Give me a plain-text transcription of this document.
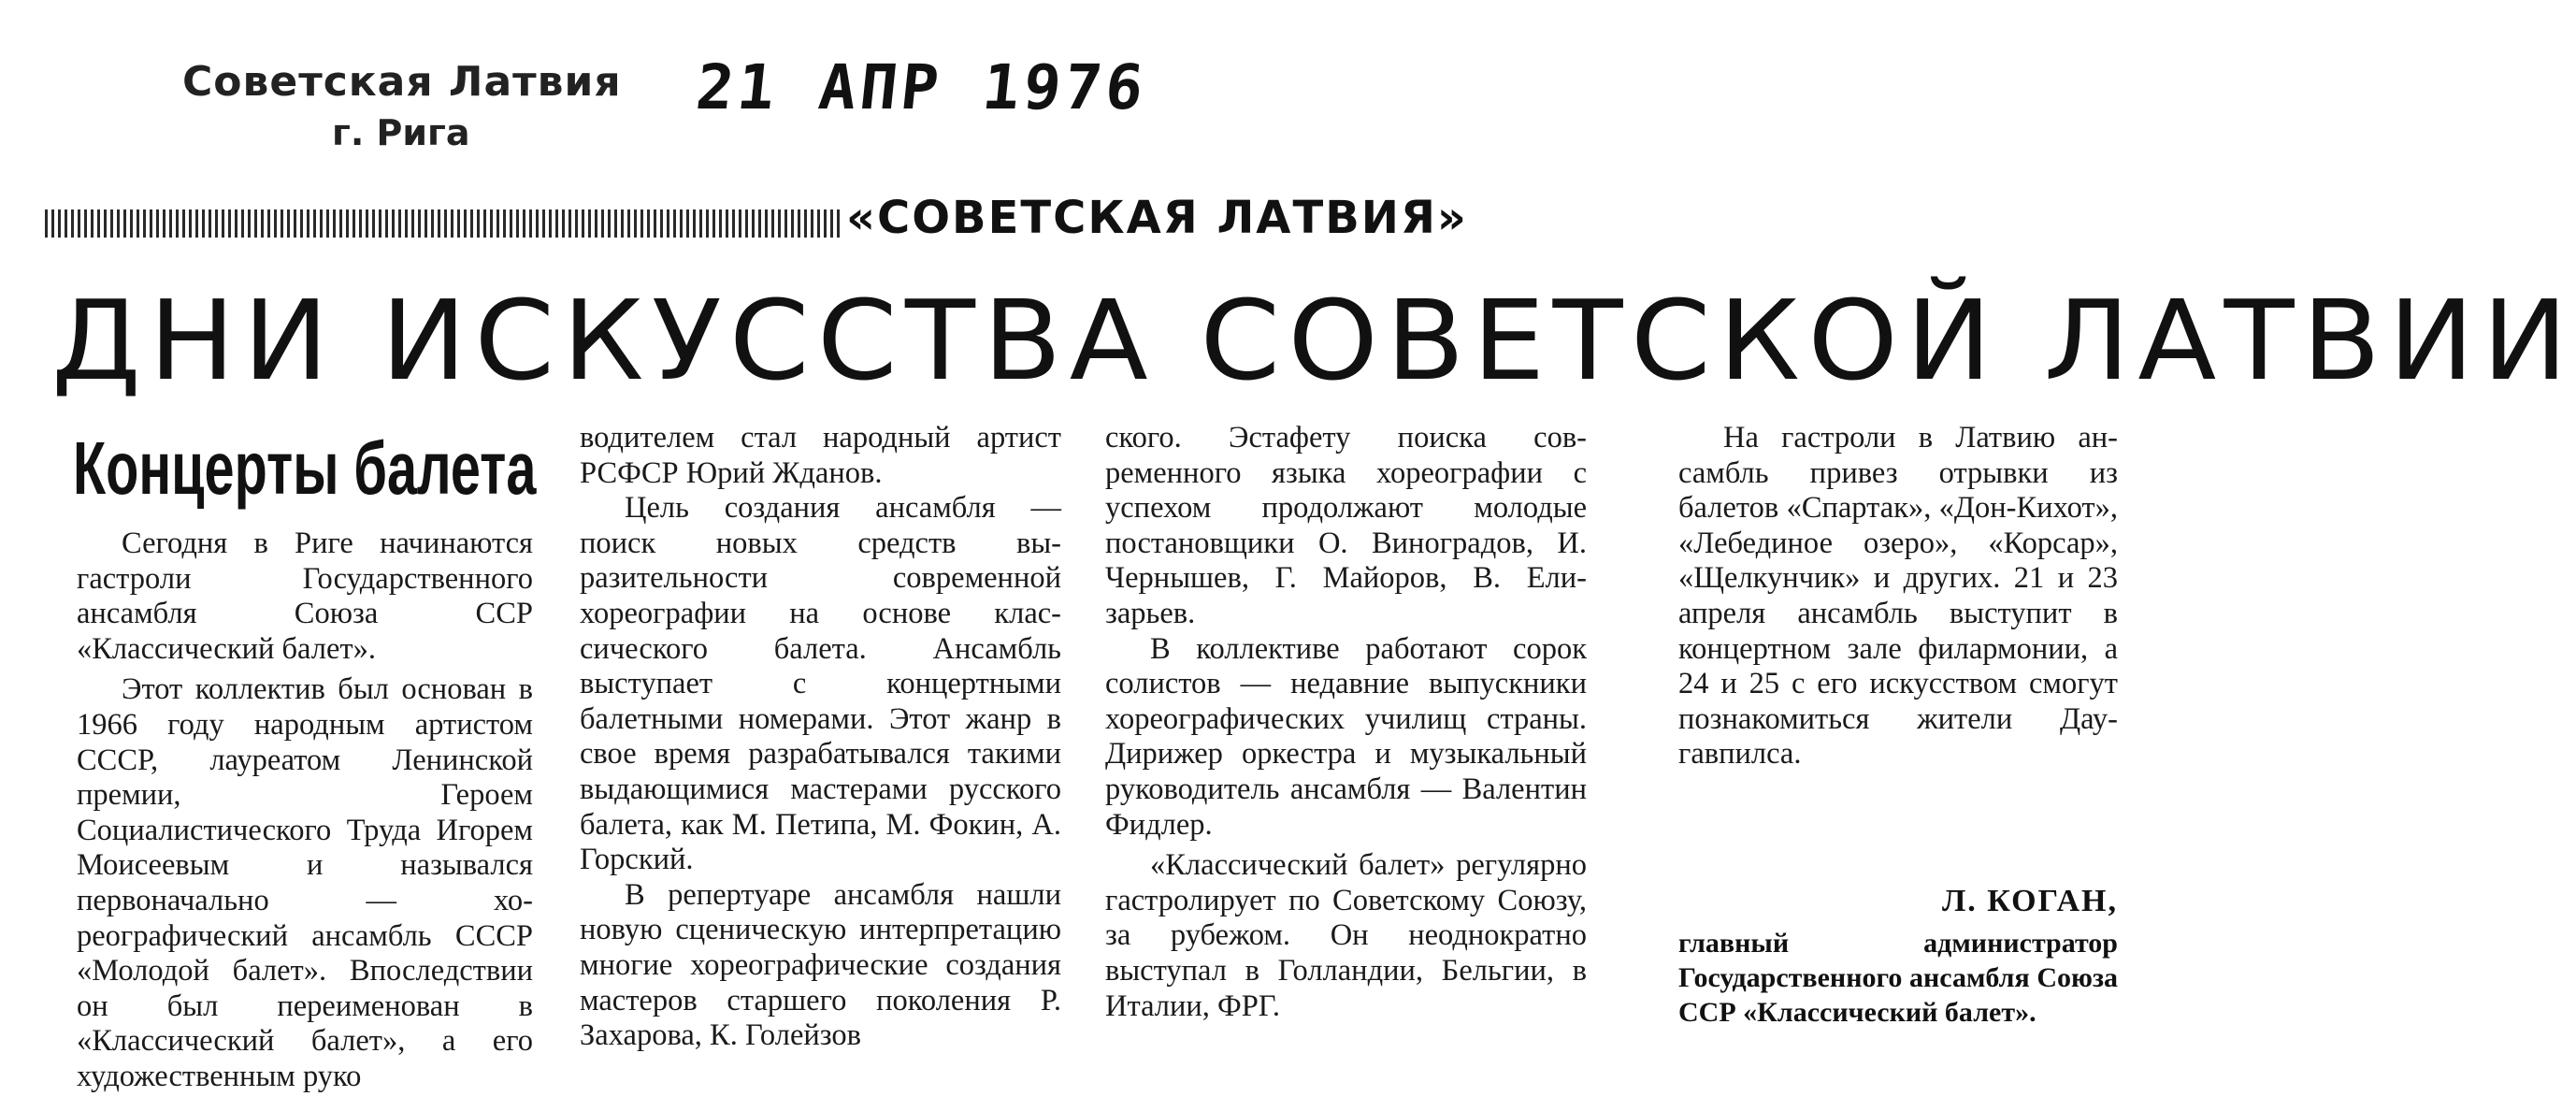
Советская Латвия
г. Рига
21 АПР 1976
«СОВЕТСКАЯ ЛАТВИЯ»
ДНИ ИСКУССТВА СОВЕТСКОЙ ЛАТВИИ
Концерты балета

Сегодня в Риге начинаются гастроли Государственного ансамбля Союза ССР «Классический балет».

Этот коллектив был основан в 1966 году народным артистом СССР, лауреатом Ленинской премии, Героем Социалистического Труда Игорем Моисеевым и назывался первоначально — хореографический ансамбль СССР «Молодой балет». Впоследствии он был переименован в «Классический балет», а его художественным руко

водителем стал народный артист РСФСР Юрий Жданов.

Цель создания ансамбля — поиск новых средств выразительности современной хореографии на основе классического балета. Ансамбль выступает с концертными балетными номерами. Этот жанр в свое время разрабатывался такими выдающимися мастерами русского балета, как М. Петипа, М. Фокин, А. Горский.

В репертуаре ансамбля нашли новую сценическую интерпретацию многие хореографические создания мастеров старшего поколения Р. Захарова, К. Голейзов

ского. Эстафету поиска современного языка хореографии с успехом продолжают молодые постановщики О. Виноградов, И. Чернышев, Г. Майоров, В. Елизарьев.

В коллективе работают сорок солистов — недавние выпускники хореографических училищ страны. Дирижер оркестра и музыкальный руководитель ансамбля — Валентин Фидлер.

«Классический балет» регулярно гастролирует по Советскому Союзу, за рубежом. Он неоднократно выступал в Голландии, Бельгии, в Италии, ФРГ.

На гастроли в Латвию ансамбль привез отрывки из балетов «Спартак», «Дон-Кихот», «Лебединое озеро», «Корсар», «Щелкунчик» и других. 21 и 23 апреля ансамбль выступит в концертном зале филармонии, а 24 и 25 с его искусством смогут познакомиться жители Даугавпилса.

Л. КОГАН,
главный администратор Государственного ансамбля Союза ССР «Классический балет».
